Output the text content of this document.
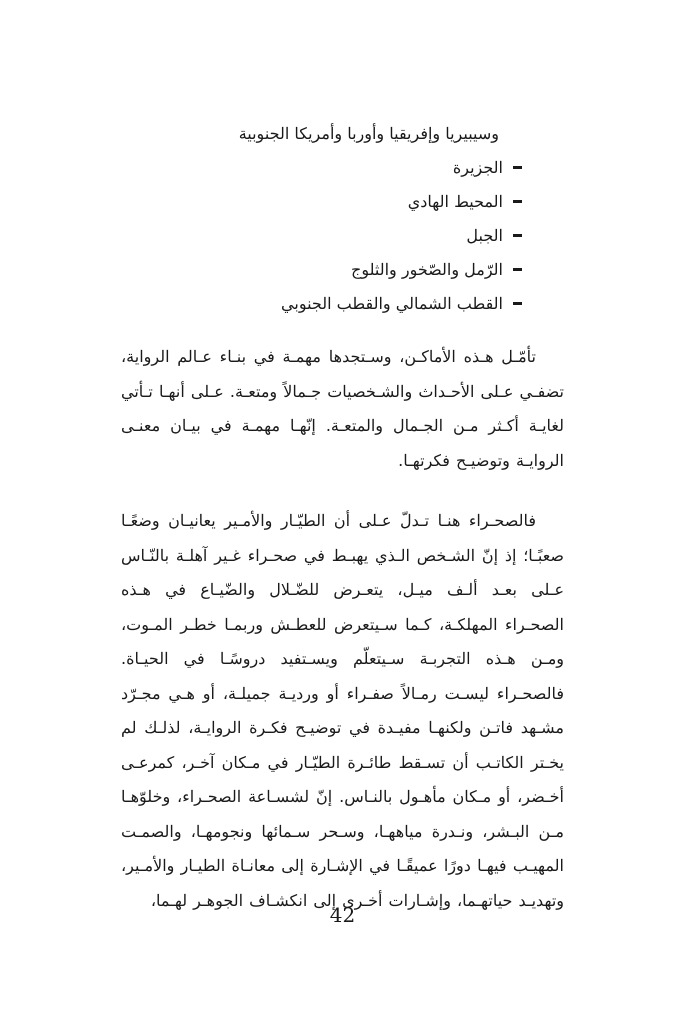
وسيبيريا وإفريقيا وأوربا وأمريكا الجنوبية
الجزيرة
المحيط الهادي
الجبل
الرّمل والصّخور والثلوج
القطب الشمالي والقطب الجنوبي

تأمّـل هـذه الأماكـن، وسـتجدها مهمـة في بنـاء عـالم الرواية، تضفـي عـلى الأحـداث والشـخصيات جـمالاً ومتعـة. عـلى أنهـا تـأتي لغايـة أكـثر مـن الجـمال والمتعـة. إنّهـا مهمـة في بيـان معنـى الروايـة وتوضيـح فكرتهـا.

فالصحـراء هنـا تـدلّ عـلى أن الطيّـار والأمـير يعانيـان وضعًـا صعبًـا؛ إذ إنّ الشـخص الـذي يهبـط في صحـراء غـير آهلـة بالنّـاس عـلى بعـد ألـف ميـل، يتعـرض للضّـلال والضّيـاع في هـذه الصحـراء المهلكـة، كـما سـيتعرض للعطـش وربمـا خطـر المـوت، ومـن هـذه التجربـة سـيتعلّم ويسـتفيد دروسًـا في الحيـاة. فالصحـراء ليسـت رمـالاً صفـراء أو ورديـة جميلـة، أو هـي مجـرّد مشـهد فاتـن ولكنهـا مفيـدة في توضيـح فكـرة الروايـة، لذلـك لم يخـتر الكاتـب أن تسـقط طائـرة الطيّـار في مـكان آخـر، كمرعـى أخـضر، أو مـكان مأهـول بالنـاس. إنّ لشسـاعة الصحـراء، وخلوّهـا مـن البـشر، ونـدرة مياههـا، وسـحر سـمائها ونجومهـا، والصمـت المهيـب فيهـا دورًا عميقًـا في الإشـارة إلى معانـاة الطيـار والأمـير، وتهديـد حياتهـما، وإشـارات أخـرى إلى انكشـاف الجوهـر لهـما،

42
